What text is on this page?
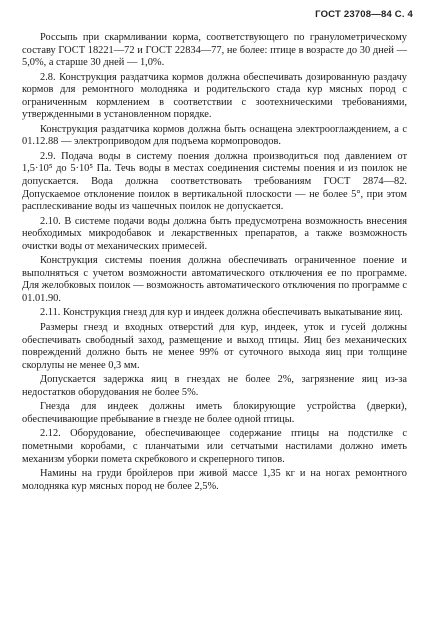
ГОСТ 23708—84 С. 4

Россыпь при скармливании корма, соответствующего по гранулометрическому составу ГОСТ 18221—72 и ГОСТ 22834—77, не более: птице в возрасте до 30 дней — 5,0%, а старше 30 дней — 1,0%.

2.8. Конструкция раздатчика кормов должна обеспечивать дозированную раздачу кормов для ремонтного молодняка и родительского стада кур мясных пород с ограниченным кормлением в соответствии с зоотехническими требованиями, утвержденными в установленном порядке.

Конструкция раздатчика кормов должна быть оснащена электрооглаждением, а с 01.12.88 — электроприводом для подъема кормопроводов.

2.9. Подача воды в систему поения должна производиться под давлением от 1,5·10⁵ до 5·10⁵ Па. Течь воды в местах соединения системы поения и из поилок не допускается. Вода должна соответствовать требованиям ГОСТ 2874—82. Допускаемое отклонение поилок в вертикальной плоскости — не более 5°, при этом расплескивание воды из чашечных поилок не допускается.

2.10. В системе подачи воды должна быть предусмотрена возможность внесения необходимых микродобавок и лекарственных препаратов, а также возможность очистки воды от механических примесей.

Конструкция системы поения должна обеспечивать ограниченное поение и выполняться с учетом возможности автоматического отключения ее по программе. Для желобковых поилок — возможность автоматического отключения по программе с 01.01.90.

2.11. Конструкция гнезд для кур и индеек должна обеспечивать выкатывание яиц.

Размеры гнезд и входных отверстий для кур, индеек, уток и гусей должны обеспечивать свободный заход, размещение и выход птицы. Яиц без механических повреждений должно быть не менее 99% от суточного выхода яиц при толщине скорлупы не менее 0,3 мм.

Допускается задержка яиц в гнездах не более 2%, загрязнение яиц из-за недостатков оборудования не более 5%.

Гнезда для индеек должны иметь блокирующие устройства (дверки), обеспечивающие пребывание в гнезде не более одной птицы.

2.12. Оборудование, обеспечивающее содержание птицы на подстилке с пометными коробами, с планчатыми или сетчатыми настилами должно иметь механизм уборки помета скребкового и скреперного типов.

Намины на груди бройлеров при живой массе 1,35 кг и на ногах ремонтного молодняка кур мясных пород не более 2,5%.
